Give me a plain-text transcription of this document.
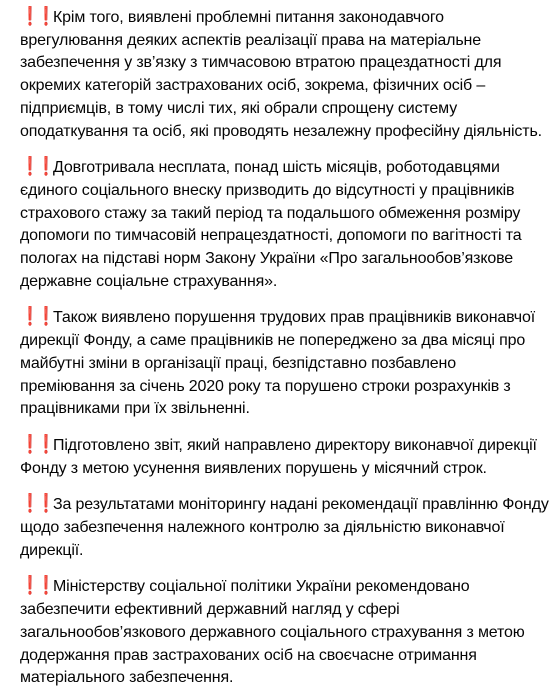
❗❗Крім того, виявлені проблемні питання законодавчого врегулювання деяких аспектів реалізації права на матеріальне забезпечення у зв’язку з тимчасовою втратою працездатності для окремих категорій застрахованих осіб, зокрема, фізичних осіб – підприємців, в тому числі тих, які обрали спрощену систему оподаткування та осіб, які проводять незалежну професійну діяльність.

❗❗Довготривала несплата, понад шість місяців, роботодавцями єдиного соціального внеску призводить до відсутності у працівників страхового стажу за такий період та подальшого обмеження розміру допомоги по тимчасовій непрацездатності, допомоги по вагітності та пологах на підставі норм Закону України «Про загальнообов’язкове державне соціальне страхування».

❗❗Також виявлено порушення трудових прав працівників виконавчої дирекції Фонду, а саме працівників не попереджено за два місяці про майбутні зміни в організації праці, безпідставно позбавлено преміювання за січень 2020 року та порушено строки розрахунків з працівниками при їх звільненні.

❗❗Підготовлено звіт, який направлено директору виконавчої дирекції Фонду з метою усунення виявлених порушень у місячний строк.

❗❗За результатами моніторингу надані рекомендації правлінню Фонду щодо забезпечення належного контролю за діяльністю виконавчої дирекції.

❗❗Міністерству соціальної політики України рекомендовано забезпечити ефективний державний нагляд у сфері загальнообов’язкового державного соціального страхування з метою додержання прав застрахованих осіб на своєчасне отримання матеріального забезпечення.
